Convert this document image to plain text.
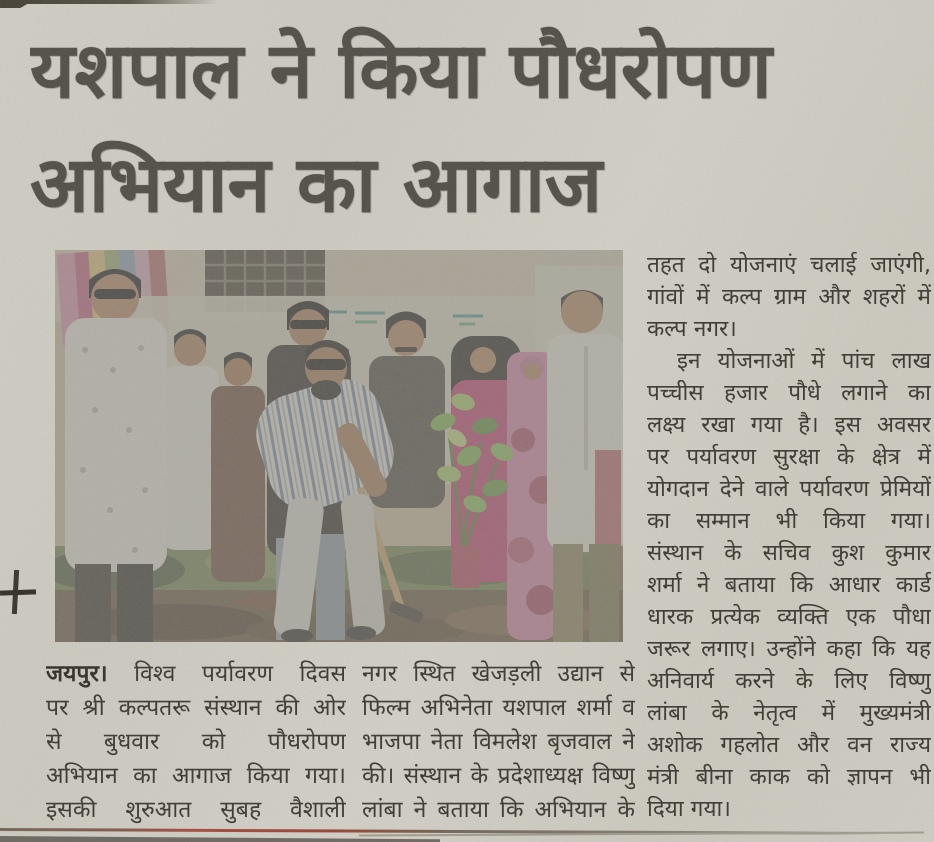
यशपाल ने किया पौधरोपण
अभियान का आगाज
तहत दो योजनाएं चलाई जाएंगी,
गांवों में कल्प ग्राम और शहरों में
कल्प नगर।
इन योजनाओं में पांच लाख
पच्चीस हजार पौधे लगाने का
लक्ष्य रखा गया है। इस अवसर
पर पर्यावरण सुरक्षा के क्षेत्र में
योगदान देने वाले पर्यावरण प्रेमियों
का सम्मान भी किया गया।
संस्थान के सचिव कुश कुमार
शर्मा ने बताया कि आधार कार्ड
धारक प्रत्येक व्यक्ति एक पौधा
जरूर लगाए। उन्होंने कहा कि यह
अनिवार्य करने के लिए विष्णु
लांबा के नेतृत्व में मुख्यमंत्री
अशोक गहलोत और वन राज्य
मंत्री बीना काक को ज्ञापन भी
दिया गया।
जयपुर। विश्व पर्यावरण दिवस
पर श्री कल्पतरू संस्थान की ओर
से बुधवार को पौधरोपण
अभियान का आगाज किया गया।
इसकी शुरुआत सुबह वैशाली
नगर स्थित खेजड़ली उद्यान से
फिल्म अभिनेता यशपाल शर्मा व
भाजपा नेता विमलेश बृजवाल ने
की। संस्थान के प्रदेशाध्यक्ष विष्णु
लांबा ने बताया कि अभियान के
